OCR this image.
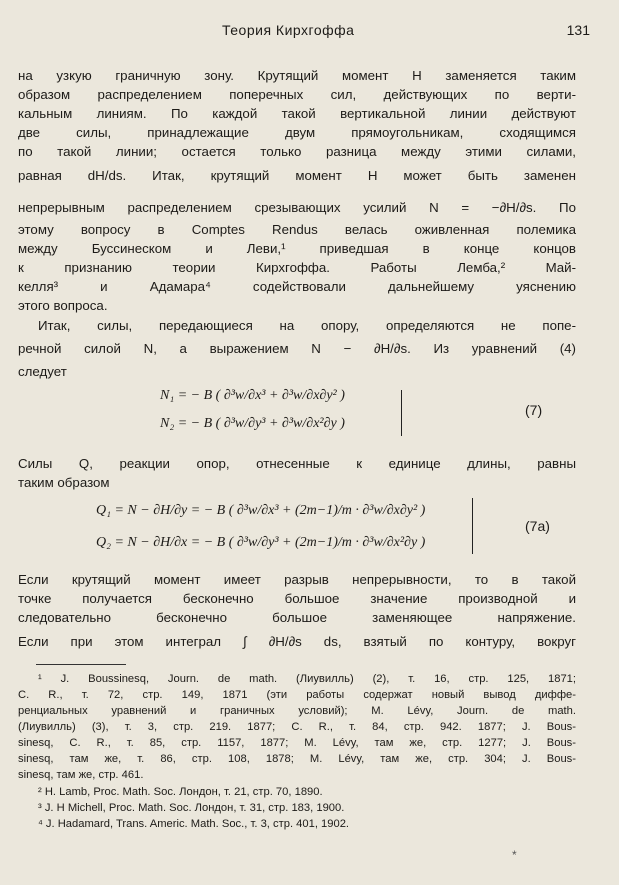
Теория Кирхгоффа	131
на узкую граничную зону. Крутящий момент H заменяется таким
образом распределением поперечных сил, действующих по верти-
кальным линиям. По каждой такой вертикальной линии действуют
две силы, принадлежащие двум прямоугольникам, сходящимся
по такой линии; остается только разница между этими силами,
равная dH/ds. Итак, крутящий момент H может быть заменен
непрерывным распределением срезывающих усилий N = −∂H/∂s. По
этому вопросу в Comptes Rendus велась оживленная полемика
между Буссинеском и Леви,¹ приведшая в конце концов
к признанию теории Кирхгоффа. Работы Лемба,² Мaй-
келля³ и Адамара⁴ содействовали дальнейшему уяснению
этого вопроса.
Итак, силы, передающиеся на опору, определяются не попе-
речной силой N, а выражением N − ∂H/∂s. Из уравнений (4)
следует
N₁ = − B ( ∂³w/∂x³ + ∂³w/∂x∂y² )
N₂ = − B ( ∂³w/∂y³ + ∂³w/∂x²∂y )
(7)
Силы Q, реакции опор, отнесенные к единице длины, равны
таким образом
Q₁ = N − ∂H/∂y = − B ( ∂³w/∂x³ + (2m−1)/m · ∂³w/∂x∂y² )
Q₂ = N − ∂H/∂x = − B ( ∂³w/∂y³ + (2m−1)/m · ∂³w/∂x²∂y )
(7a)
Если крутящий момент имеет разрыв непрерывности, то в такой
точке получается бесконечно большое значение производной и
следовательно бесконечно большое заменяющее напряжение.
Если при этом интеграл ∫ ∂H/∂s ds, взятый по контуру, вокруг
¹ J. Boussinesq, Journ. de math. (Лиувилль) (2), т. 16, стр. 125, 1871;
C. R., т. 72, стр. 149, 1871 (эти работы содержат новый вывод диффе-
ренциальных уравнений и граничных условий); M. Lévy, Journ. de math.
(Лиувилль) (3), т. 3, стр. 219. 1877; C. R., т. 84, стр. 942. 1877; J. Bous-
sinesq, C. R., т. 85, стр. 1157, 1877; M. Lévy, там же, стр. 1277; J. Bous-
sinesq, там же, т. 86, стр. 108, 1878; M. Lévy, там же, стр. 304; J. Bous-
sinesq, там же, стр. 461.
² H. Lamb, Proc. Math. Soc. Лондон, т. 21, стр. 70, 1890.
³ J. H Michell, Proc. Math. Soc. Лондон, т. 31, стр. 183, 1900.
⁴ J. Hadamard, Trans. Americ. Math. Soc., т. 3, стр. 401, 1902.
*
